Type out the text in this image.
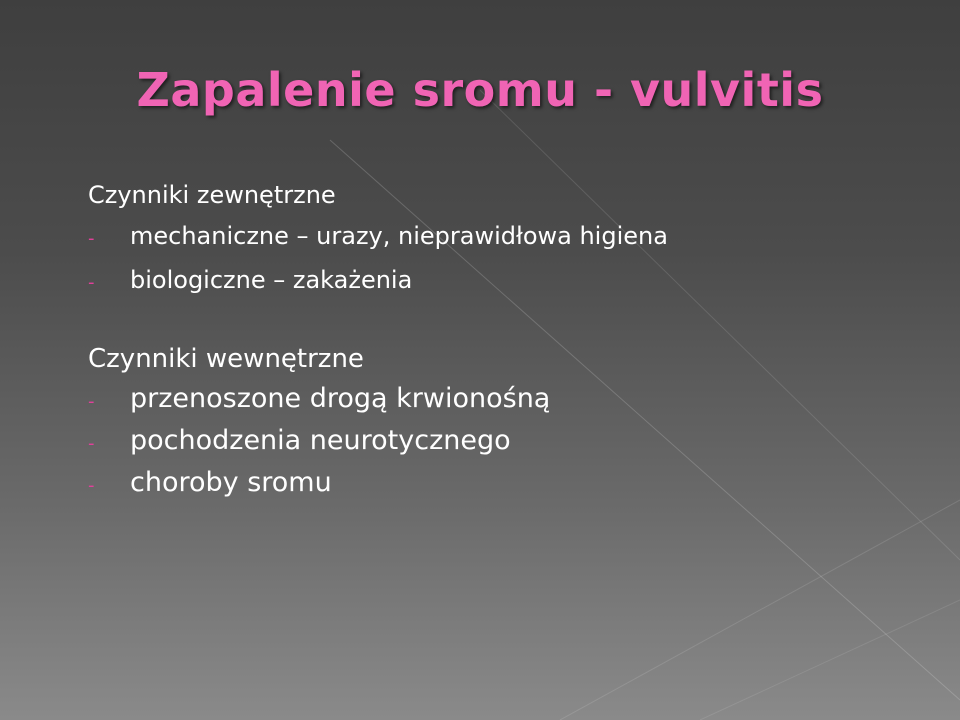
Zapalenie sromu - vulvitis
Czynniki zewnętrzne
-	mechaniczne – urazy, nieprawidłowa higiena
-	biologiczne – zakażenia
Czynniki wewnętrzne
-	przenoszone drogą krwionośną
-	pochodzenia neurotycznego
-	choroby sromu
